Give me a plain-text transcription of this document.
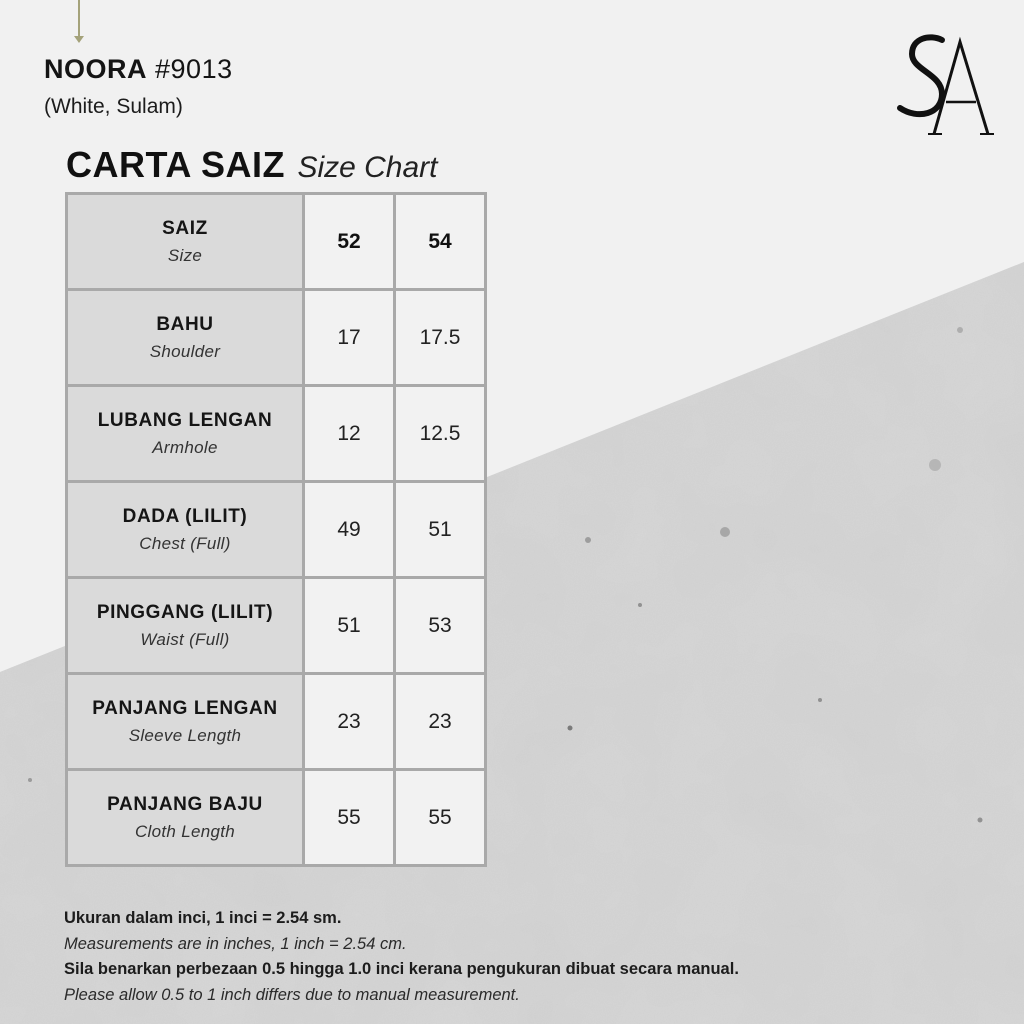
NOORA #9013
(White, Sulam)
CARTA SAIZ Size Chart
SAIZ
Size	52	54

BAHU
Shoulder	17	17.5

LUBANG LENGAN
Armhole	12	12.5

DADA (LILIT)
Chest (Full)	49	51

PINGGANG (LILIT)
Waist (Full)	51	53

PANJANG LENGAN
Sleeve Length	23	23

PANJANG BAJU
Cloth Length	55	55
Ukuran dalam inci, 1 inci = 2.54 sm.
Measurements are in inches, 1 inch = 2.54 cm.
Sila benarkan perbezaan 0.5 hingga 1.0 inci kerana pengukuran dibuat secara manual.
Please allow 0.5 to 1 inch differs due to manual measurement.
